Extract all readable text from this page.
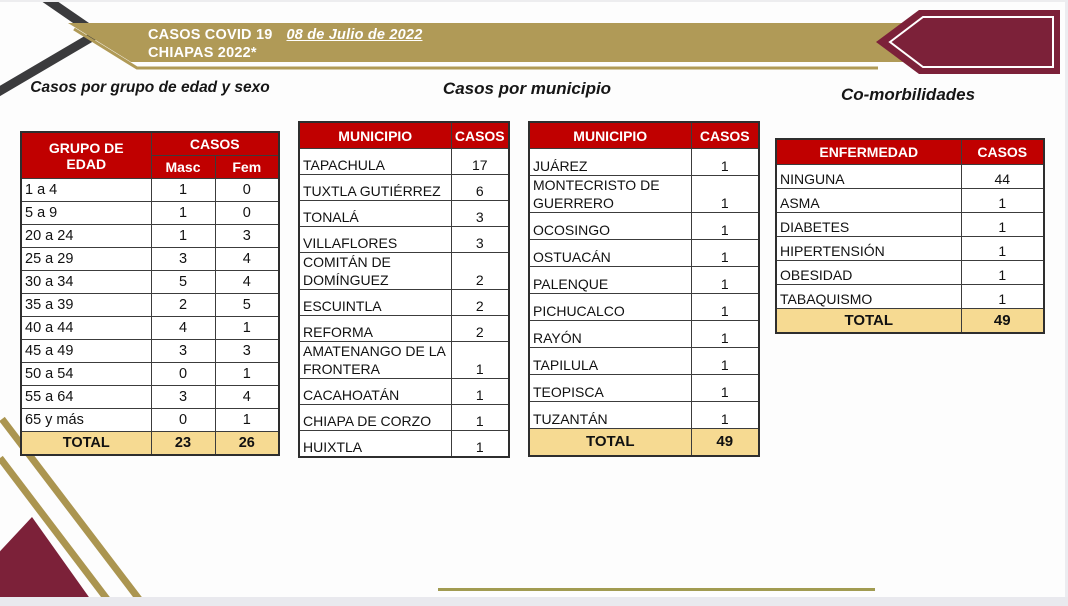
CASOS COVID 19 08 de Julio de 2022
CHIAPAS 2022*
Casos por grupo de edad y sexo	Casos por municipio	Co-morbilidades
GRUPO DE EDAD	CASOS	
	Masc	Fem
1 a 4	1	0
5 a 9	1	0
20 a 24	1	3
25 a 29	3	4
30 a 34	5	4
35 a 39	2	5
40 a 44	4	1
45 a 49	3	3
50 a 54	0	1
55 a 64	3	4
65 y más	0	1
TOTAL	23	26
MUNICIPIO	CASOS
TAPACHULA	17
TUXTLA GUTIÉRREZ	6
TONALÁ	3
VILLAFLORES	3
COMITÁN DE DOMÍNGUEZ	2
ESCUINTLA	2
REFORMA	2
AMATENANGO DE LA FRONTERA	1
CACAHOATÁN	1
CHIAPA DE CORZO	1
HUIXTLA	1
MUNICIPIO	CASOS
JUÁREZ	1
MONTECRISTO DE GUERRERO	1
OCOSINGO	1
OSTUACÁN	1
PALENQUE	1
PICHUCALCO	1
RAYÓN	1
TAPILULA	1
TEOPISCA	1
TUZANTÁN	1
TOTAL	49
ENFERMEDAD	CASOS
NINGUNA	44
ASMA	1
DIABETES	1
HIPERTENSIÓN	1
OBESIDAD	1
TABAQUISMO	1
TOTAL	49
